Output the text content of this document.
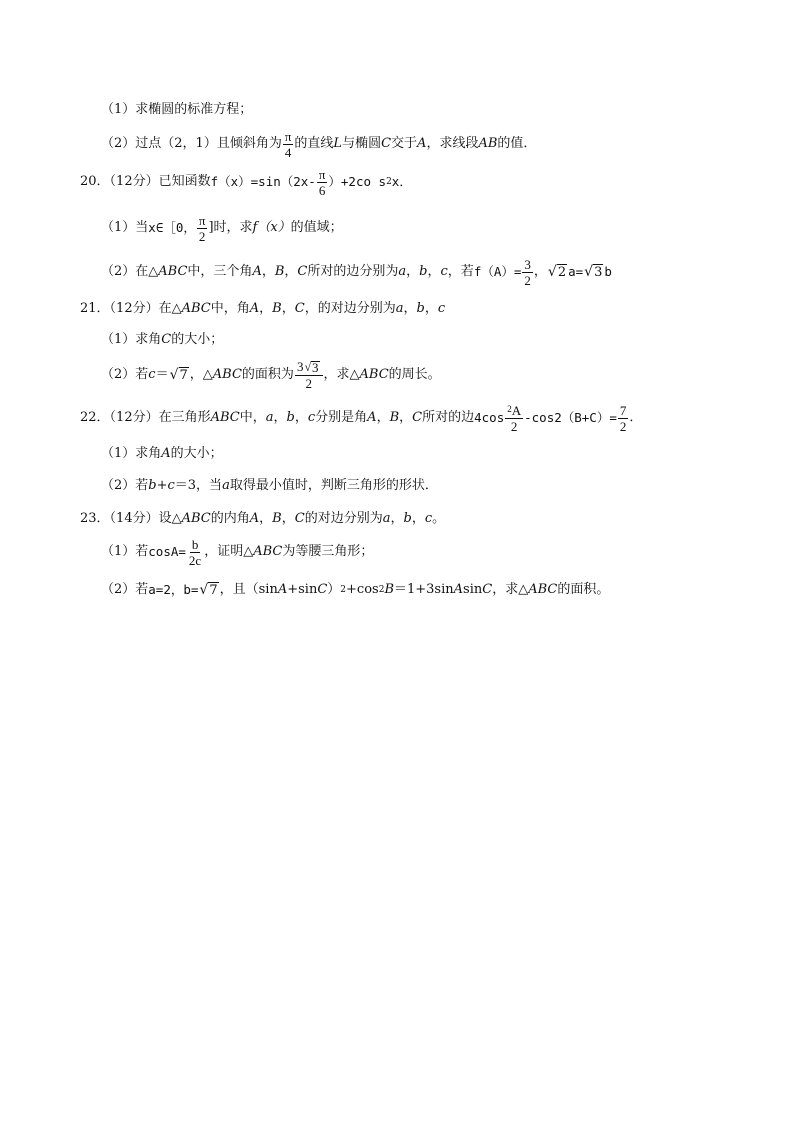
（1）求椭圆的标准方程；
（2）过点（2，1）且倾斜角为 $\frac{\pi}{4}$ 的直线 L 与椭圆 C 交于 A ，求线段 AB 的值．
20．（12分）已知函数 $f(x)=\sin(2x- \frac{\pi}{6} )+2co$ s 2 x．
（1）当 x∈［0， $\frac{\pi}{2}$ ]时，求 f（x） 的值域；
（2）在△ ABC 中，三个角 A ， B ， C 所对的边分别为 a ， b ， c ，若 $f(A)= \frac{3}{2}$ ， √ 2 a= √ 3 b
21．（12分）在△ ABC 中，角 A ， B ， C ，的对边分别为 a ， b ， c
（1）求角 C 的大小；
（2）若 c ＝ √ 7 ，△ ABC 的面积为 $\frac{3 √ 3}{2}$ ，求△ ABC 的周长。
22．（12分）在三角形 ABC 中， a ， b ， c 分别是角 A ， B ， C 所对的边 $4\cos \frac{^2A}{2} -\cos 2(B+C)= \frac{7}{2}$ ．
（1）求角 A 的大小；
（2）若 b+c ＝3，当 a 取得最小值时，判断三角形的形状．
23．（14分）设△ ABC 的内角 A ， B ， C 的对边分别为 a ， b ， c 。
（1）若 $\cos A= \frac{b}{2c}$ ，证明△ ABC 为等腰三角形；
（2）若 a=2，b= √ 7 ，且（sin A +sin C ） 2 +cos 2 B ＝1+3sin A sin C ，求△ ABC 的面积。
